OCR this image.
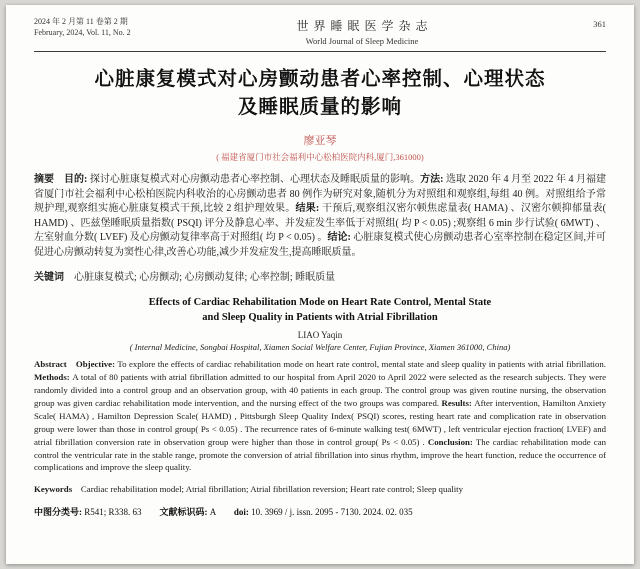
2024 年 2 月第 11 卷第 2 期
February, 2024, Vol. 11, No. 2	世界睡眠医学杂志
World Journal of Sleep Medicine
361
心脏康复模式对心房颤动患者心率控制、心理状态
及睡眠质量的影响
廖亚琴
( 福建省厦门市社会福利中心松柏医院内科,厦门,361000)

摘要　目的: 探讨心脏康复模式对心房颤动患者心率控制、心理状态及睡眠质量的影响。方法: 选取 2020 年 4 月至 2022 年 4 月福建省厦门市社会福利中心松柏医院内科收治的心房颤动患者 80 例作为研究对象,随机分为对照组和观察组,每组 40 例。对照组给予常规护理,观察组实施心脏康复模式干预,比较 2 组护理效果。结果: 干预后,观察组汉密尔顿焦虑量表( HAMA) 、汉密尔顿抑郁量表( HAMD) 、匹兹堡睡眠质量指数( PSQI) 评分及静息心率、并发症发生率低于对照组( 均 P < 0.05) ;观察组 6 min 步行试验( 6MWT) 、左室射血分数( LVEF) 及心房颤动复律率高于对照组( 均 P < 0.05) 。结论: 心脏康复模式使心房颤动患者心室率控制在稳定区间,并可促进心房颤动转复为窦性心律,改善心功能,减少并发症发生,提高睡眠质量。

关键词　心脏康复模式; 心房颤动; 心房颤动复律; 心率控制; 睡眠质量

Effects of Cardiac Rehabilitation Mode on Heart Rate Control, Mental State
and Sleep Quality in Patients with Atrial Fibrillation
LIAO Yaqin
( Internal Medicine, Songbai Hospital, Xiamen Social Welfare Center, Fujian Province, Xiamen 361000, China)

Abstract　Objective: To explore the effects of cardiac rehabilitation mode on heart rate control, mental state and sleep quality in patients with atrial fibrillation. Methods: A total of 80 patients with atrial fibrillation admitted to our hospital from April 2020 to April 2022 were selected as the research subjects. They were randomly divided into a control group and an observation group, with 40 patients in each group. The control group was given routine nursing, the observation group was given cardiac rehabilitation mode intervention, and the nursing effect of the two groups was compared. Results: After intervention, Hamilton Anxiety Scale( HAMA) , Hamilton Depression Scale( HAMD) , Pittsburgh Sleep Quality Index( PSQI) scores, resting heart rate and complication rate in observation group were lower than those in control group( Ps < 0.05) . The recurrence rates of 6-minute walking test( 6MWT) , left ventricular ejection fraction( LVEF) and atrial fibrillation conversion rate in observation group were higher than those in control group( Ps < 0.05) . Conclusion: The cardiac rehabilitation mode can control the ventricular rate in the stable range, promote the conversion of atrial fibrillation into sinus rhythm, improve the heart function, reduce the occurrence of complications and improve the sleep quality.

Keywords　Cardiac rehabilitation model; Atrial fibrillation; Atrial fibrillation reversion; Heart rate control; Sleep quality

中图分类号: R541; R338. 63　　 文献标识码: A　　 doi: 10. 3969 / j. issn. 2095 - 7130. 2024. 02. 035
